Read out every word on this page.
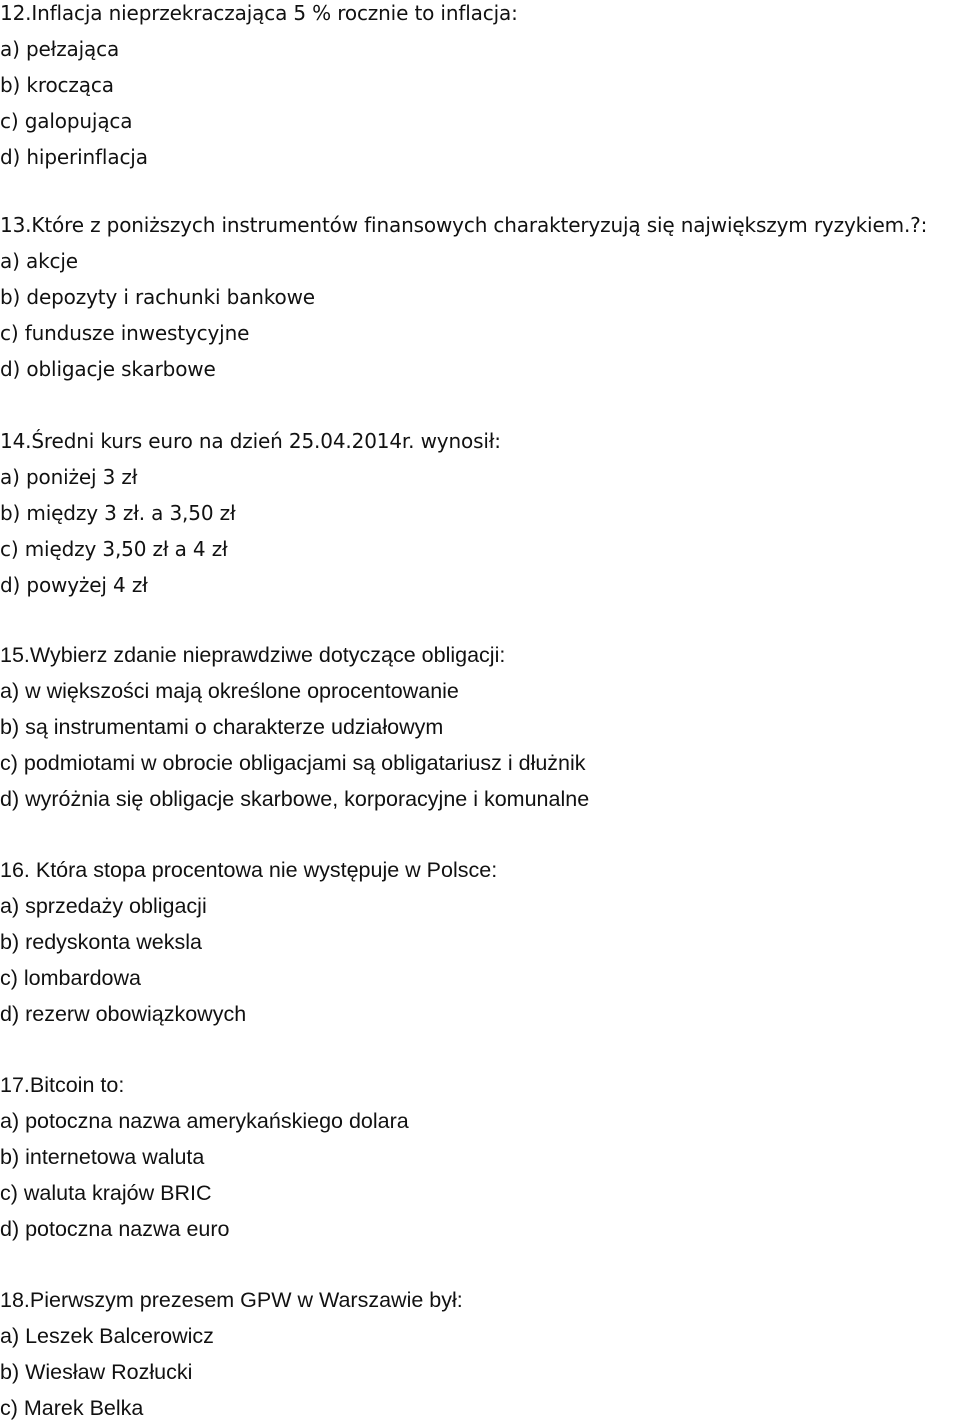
12.Inflacja nieprzekraczająca 5 % rocznie to inflacja:
a) pełzająca
b) krocząca
c) galopująca
d) hiperinflacja
13.Które z poniższych instrumentów finansowych charakteryzują się największym ryzykiem.?:
a) akcje
b) depozyty i rachunki bankowe
c) fundusze inwestycyjne
d) obligacje skarbowe
14.Średni kurs euro na dzień 25.04.2014r. wynosił:
a) poniżej 3 zł
b) między 3 zł. a 3,50 zł
c) między 3,50 zł a 4 zł
d) powyżej 4 zł
15.Wybierz zdanie nieprawdziwe dotyczące obligacji:
a) w większości mają określone oprocentowanie
b) są instrumentami o charakterze udziałowym
c) podmiotami w obrocie obligacjami są obligatariusz i dłużnik
d) wyróżnia się obligacje skarbowe, korporacyjne i komunalne
16. Która stopa procentowa nie występuje w Polsce:
a) sprzedaży obligacji
b) redyskonta weksla
c) lombardowa
d) rezerw obowiązkowych
17.Bitcoin to:
a) potoczna nazwa amerykańskiego dolara
b) internetowa waluta
c) waluta krajów BRIC
d) potoczna nazwa euro
18.Pierwszym prezesem GPW w Warszawie był:
a) Leszek Balcerowicz
b) Wiesław Rozłucki
c) Marek Belka
